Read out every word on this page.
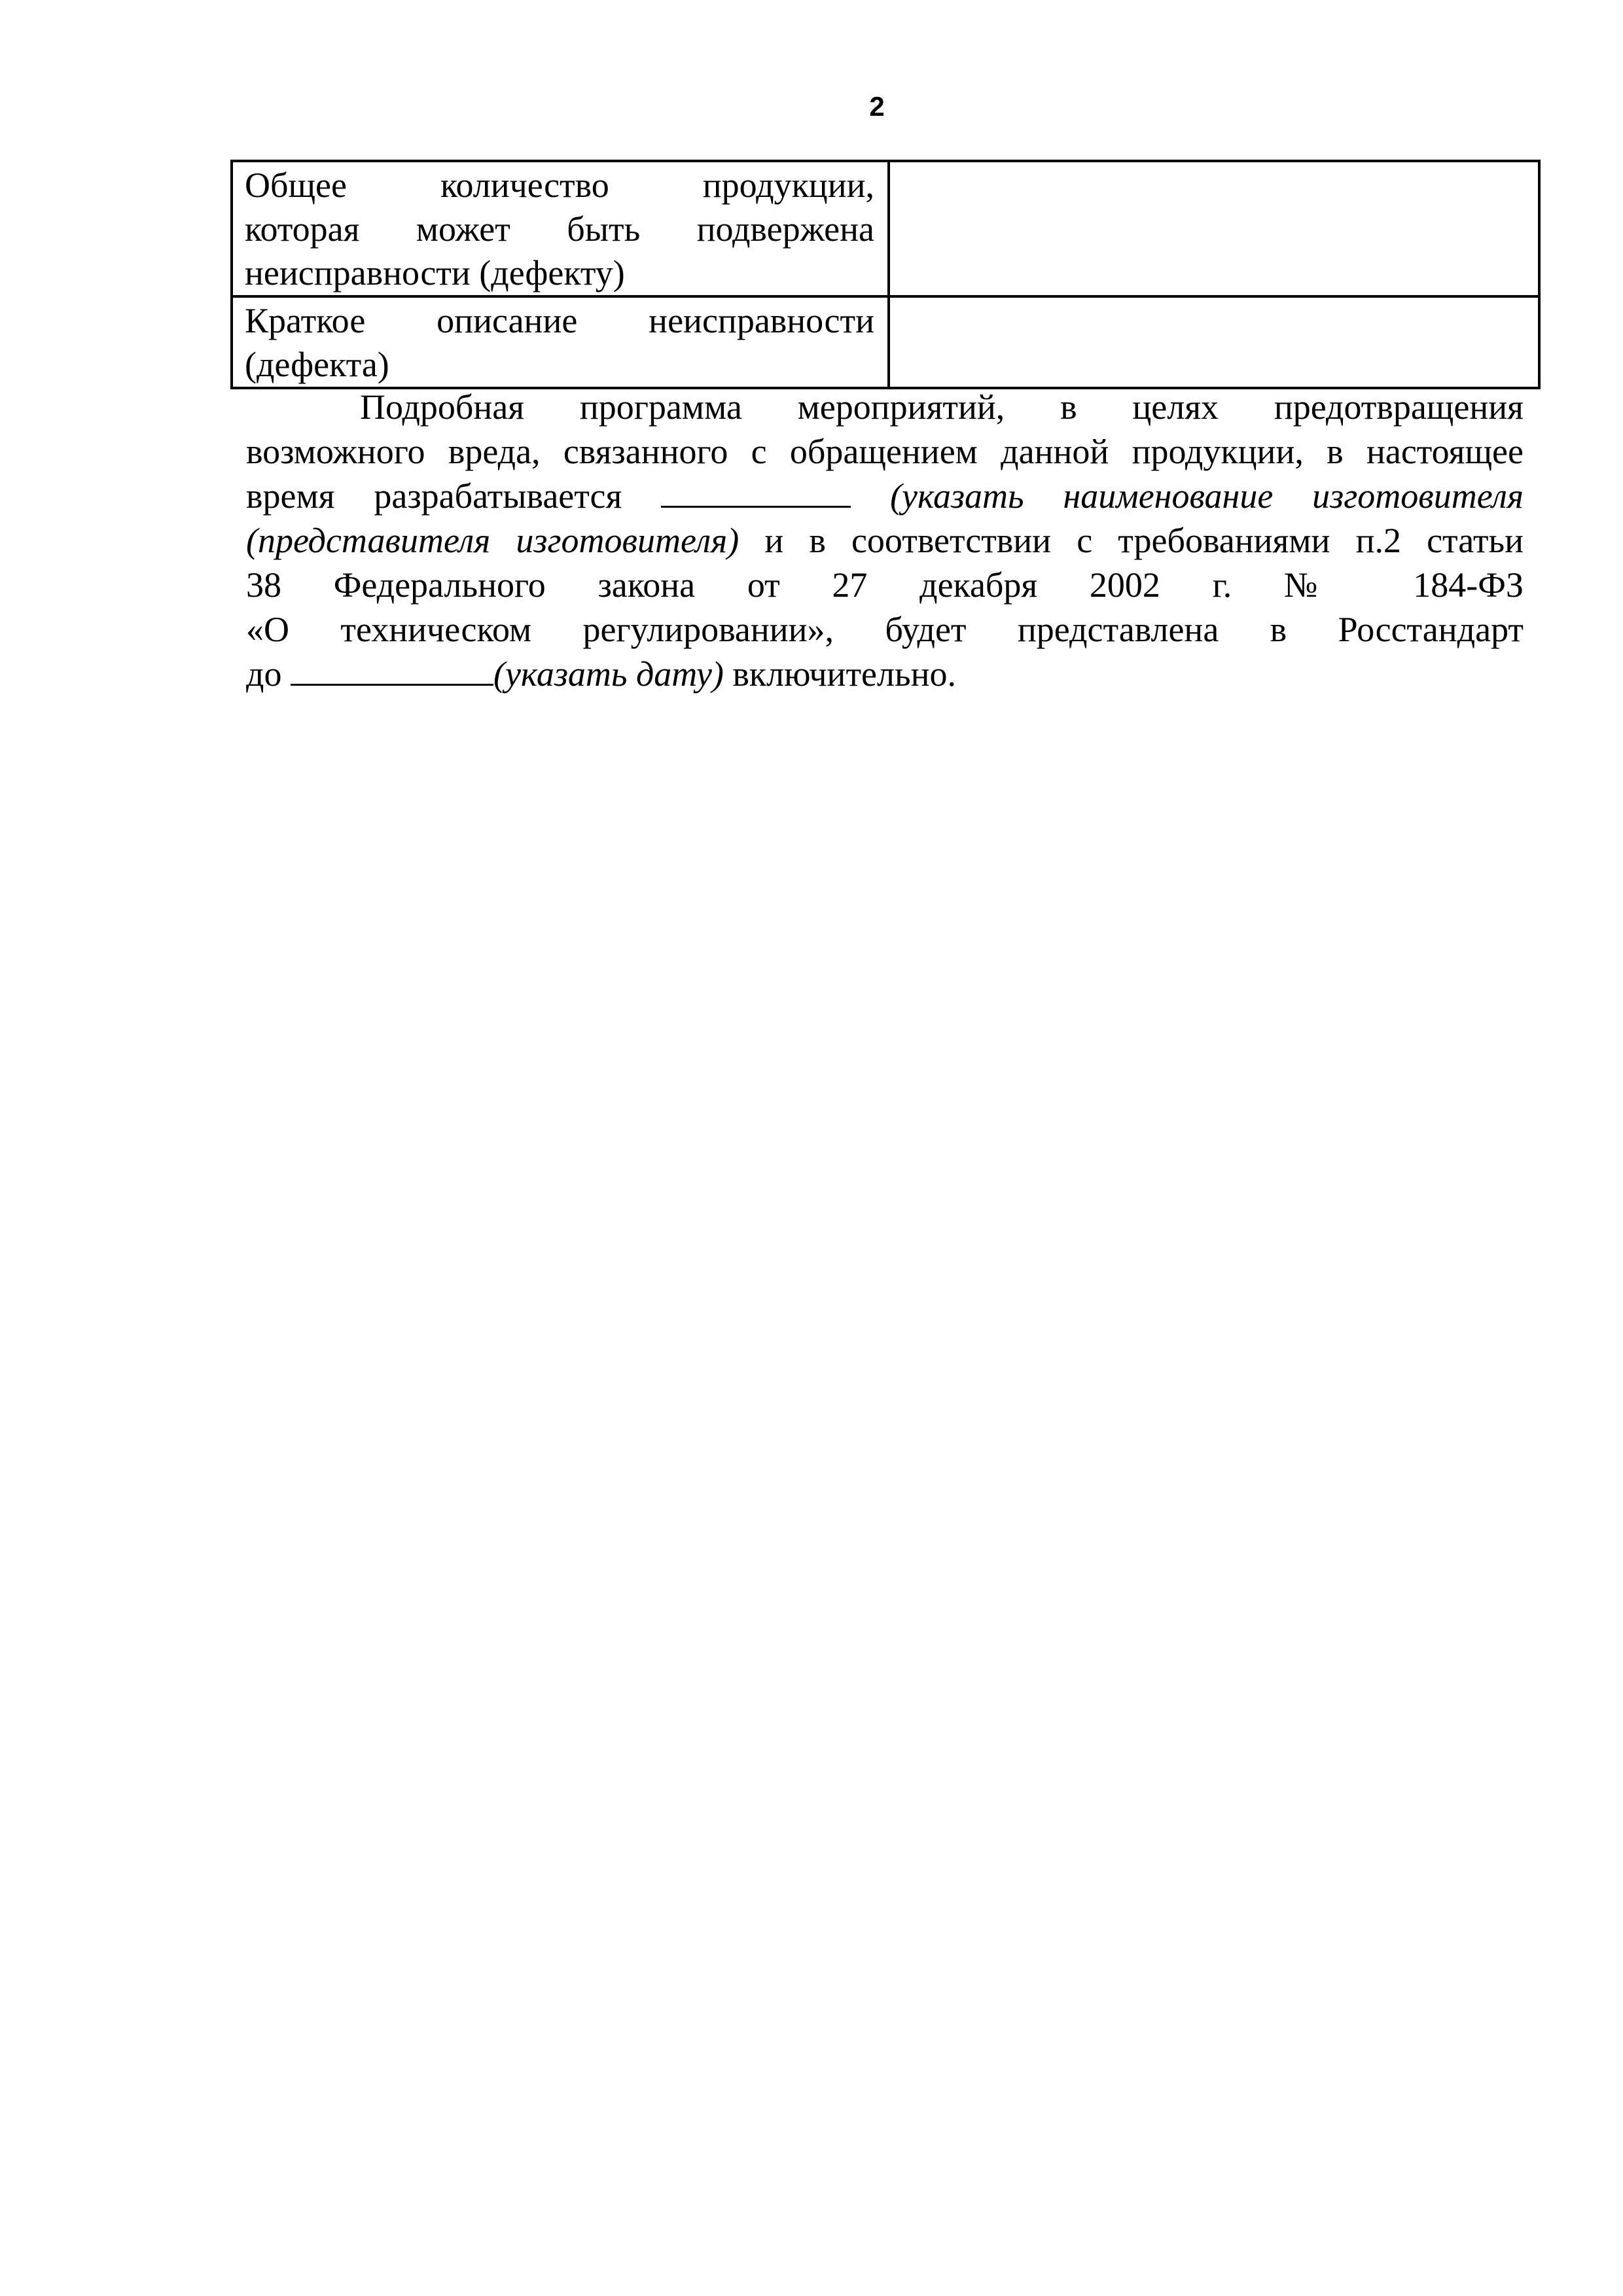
2
Общее количество продукции,
которая может быть подвержена
неисправности (дефекту)	

Краткое описание неисправности
(дефекта)	

Подробная программа мероприятий, в целях предотвращения
возможного вреда, связанного с обращением данной продукции, в настоящее
время разрабатывается	(указать наименование изготовителя
(представителя изготовителя) и в соответствии с требованиями п.2 статьи
38 Федерального закона от 27 декабря 2002 г. № 184-ФЗ
«О техническом регулировании», будет представлена в Росстандарт
до	(указать дату) включительно.
